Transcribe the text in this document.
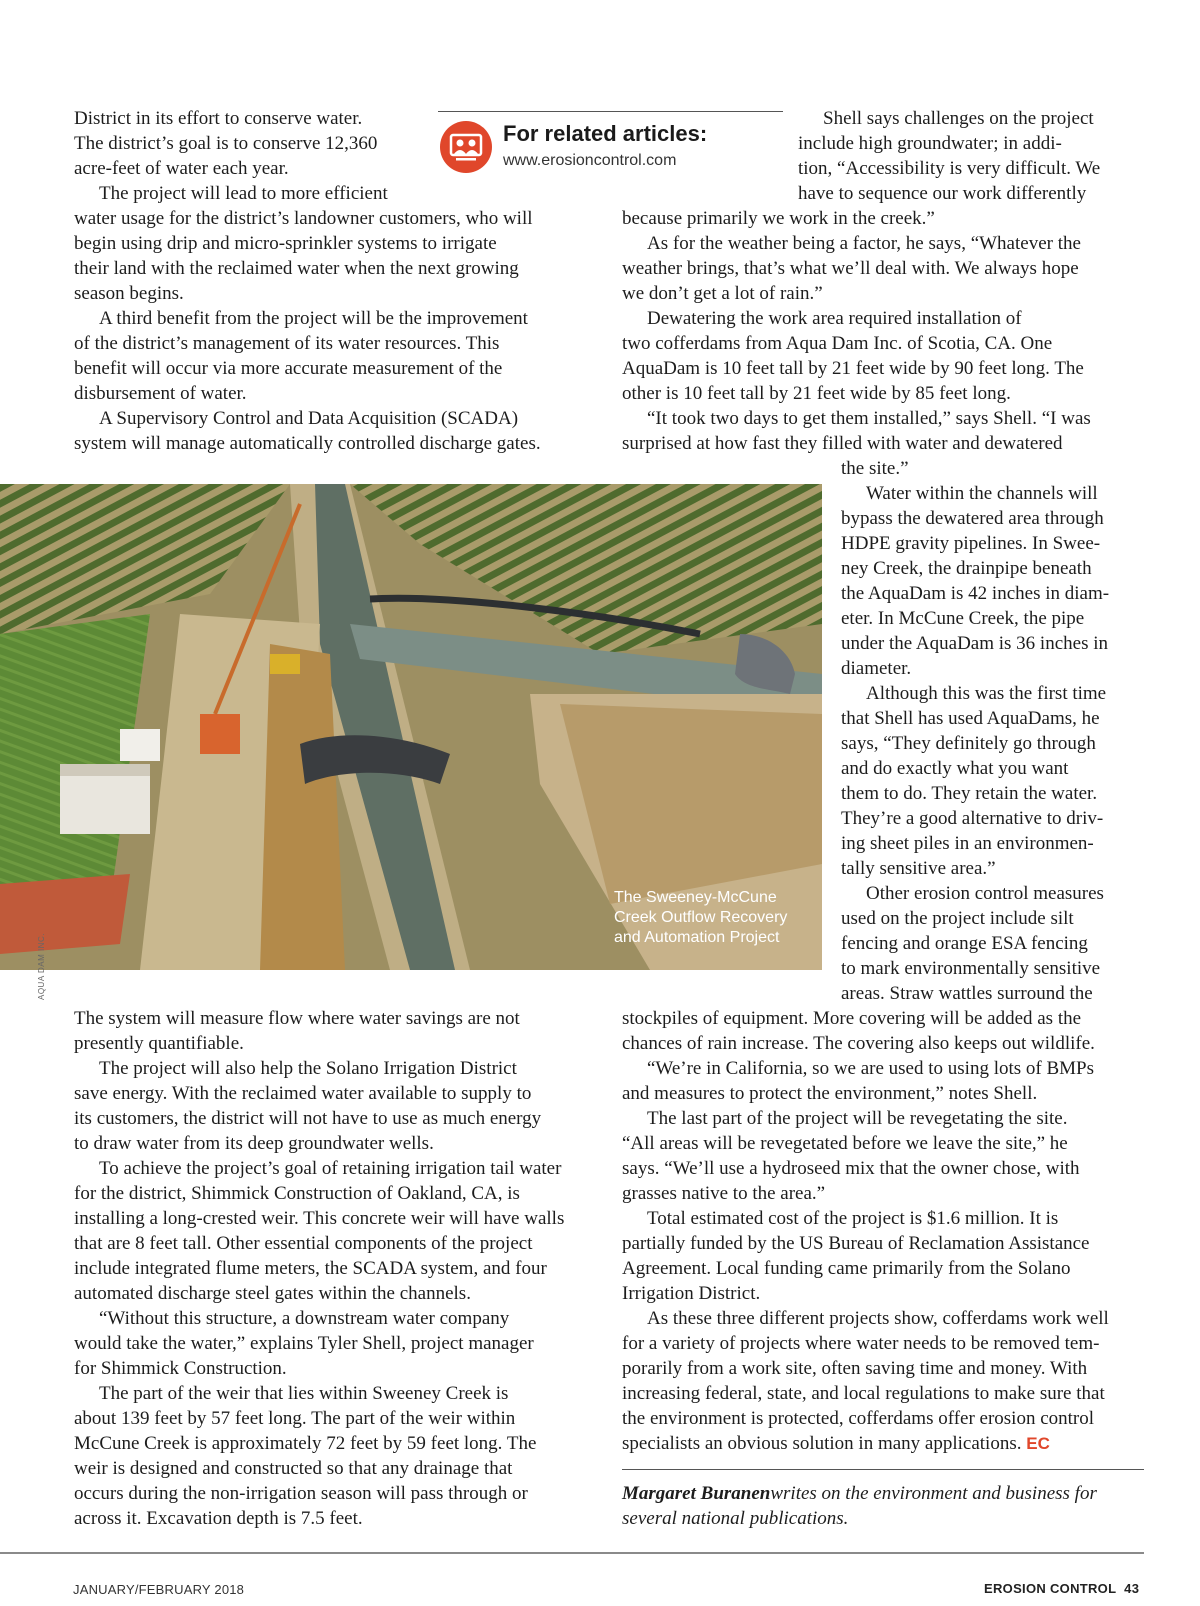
For related articles:
www.erosioncontrol.com
District in its effort to conserve water.
The district’s goal is to conserve 12,360
acre-feet of water each year.
The project will lead to more efficient
water usage for the district’s landowner customers, who will
begin using drip and micro-sprinkler systems to irrigate
their land with the reclaimed water when the next growing
season begins.
A third benefit from the project will be the improvement
of the district’s management of its water resources. This
benefit will occur via more accurate measurement of the
disbursement of water.
A Supervisory Control and Data Acquisition (SCADA)
system will manage automatically controlled discharge gates.
Shell says challenges on the project
include high groundwater; in addi-
tion, “Accessibility is very difficult. We
have to sequence our work differently
because primarily we work in the creek.”
As for the weather being a factor, he says, “Whatever the
weather brings, that’s what we’ll deal with. We always hope
we don’t get a lot of rain.”
Dewatering the work area required installation of
two cofferdams from Aqua Dam Inc. of Scotia, CA. One
AquaDam is 10 feet tall by 21 feet wide by 90 feet long. The
other is 10 feet tall by 21 feet wide by 85 feet long.
“It took two days to get them installed,” says Shell. “I was
surprised at how fast they filled with water and dewatered
the site.”
Water within the channels will
bypass the dewatered area through
HDPE gravity pipelines. In Swee-
ney Creek, the drainpipe beneath
the AquaDam is 42 inches in diam-
eter. In McCune Creek, the pipe
under the AquaDam is 36 inches in
diameter.
Although this was the first time
that Shell has used AquaDams, he
says, “They definitely go through
and do exactly what you want
them to do. They retain the water.
They’re a good alternative to driv-
ing sheet piles in an environmen-
tally sensitive area.”
Other erosion control measures
used on the project include silt
fencing and orange ESA fencing
to mark environmentally sensitive
areas. Straw wattles surround the
stockpiles of equipment. More covering will be added as the
chances of rain increase. The covering also keeps out wildlife.
“We’re in California, so we are used to using lots of BMPs
and measures to protect the environment,” notes Shell.
The last part of the project will be revegetating the site.
“All areas will be revegetated before we leave the site,” he
says. “We’ll use a hydroseed mix that the owner chose, with
grasses native to the area.”
Total estimated cost of the project is $1.6 million. It is
partially funded by the US Bureau of Reclamation Assistance
Agreement. Local funding came primarily from the Solano
Irrigation District.
As these three different projects show, cofferdams work well
for a variety of projects where water needs to be removed tem-
porarily from a work site, often saving time and money. With
increasing federal, state, and local regulations to make sure that
the environment is protected, cofferdams offer erosion control
specialists an obvious solution in many applications. EC
The system will measure flow where water savings are not
presently quantifiable.
The project will also help the Solano Irrigation District
save energy. With the reclaimed water available to supply to
its customers, the district will not have to use as much energy
to draw water from its deep groundwater wells.
To achieve the project’s goal of retaining irrigation tail water
for the district, Shimmick Construction of Oakland, CA, is
installing a long-crested weir. This concrete weir will have walls
that are 8 feet tall. Other essential components of the project
include integrated flume meters, the SCADA system, and four
automated discharge steel gates within the channels.
“Without this structure, a downstream water company
would take the water,” explains Tyler Shell, project manager
for Shimmick Construction.
The part of the weir that lies within Sweeney Creek is
about 139 feet by 57 feet long. The part of the weir within
McCune Creek is approximately 72 feet by 59 feet long. The
weir is designed and constructed so that any drainage that
occurs during the non-irrigation season will pass through or
across it. Excavation depth is 7.5 feet.
The Sweeney-McCune
Creek Outflow Recovery
and Automation Project
AQUA DAM INC.
Margaret Buranenwrites on the environment and business for
several national publications.
JANUARY/FEBRUARY 2018	EROSION CONTROL 43
